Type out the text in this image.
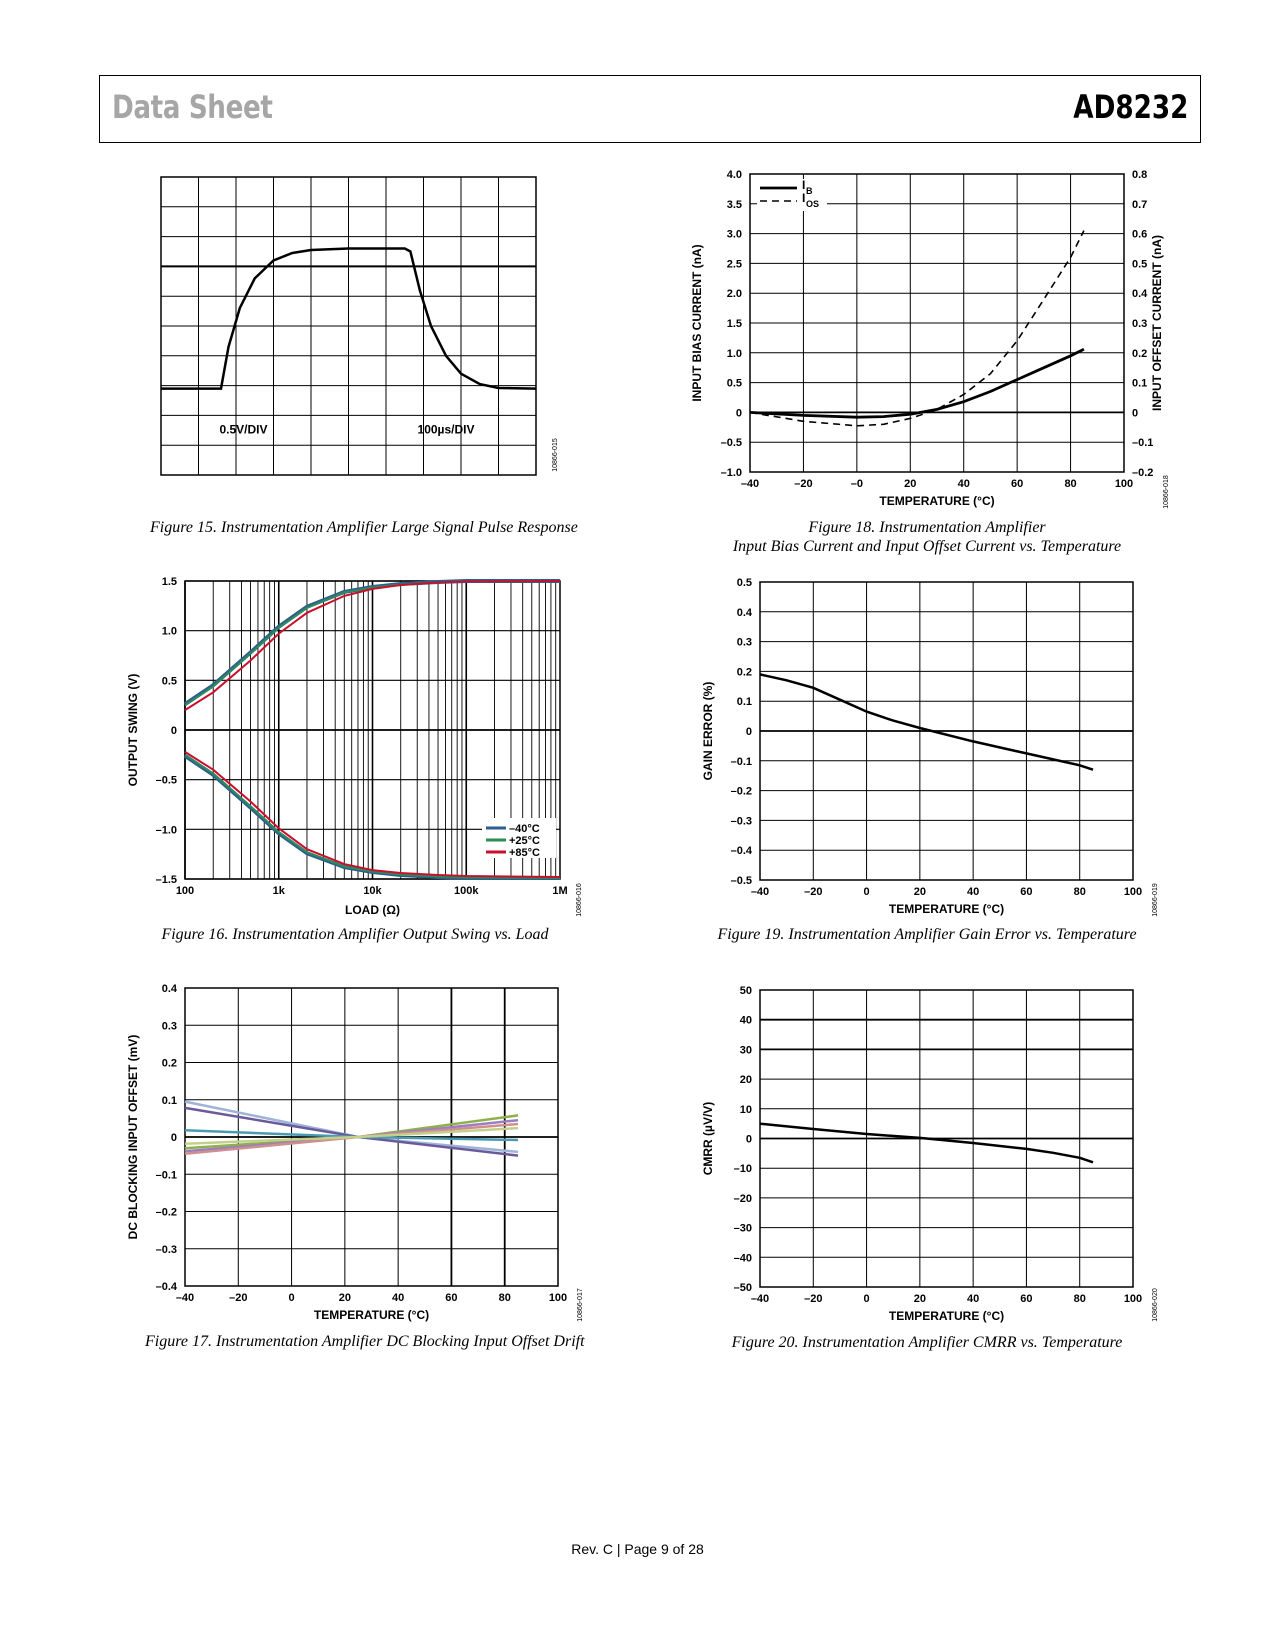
Data Sheet	AD8232
0.5V/DIV	100µs/DIV
10866-015
100	1k	10k	100k	1M
–1.5
–1.0
–0.5
0
0.5
1.0
1.5
LOAD (Ω)
OUTPUT SWING (V)
–40°C
+25°C
+85°C
10866-016
–40	–20	0	20	40	60	80	100
–0.4
–0.3
–0.2
–0.1
0
0.1
0.2
0.3
0.4
TEMPERATURE (°C)
DC BLOCKING INPUT OFFSET (mV)
10866-017
–40	–20	–0	20	40	60	80	100
–1.0
–0.5
0
0.5
1.0
1.5
2.0
2.5
3.0
3.5
4.0
–0.2
–0.1
0
0.1
0.2
0.3
0.4
0.5
0.6
0.7
0.8
TEMPERATURE (°C)
INPUT BIAS CURRENT (nA)	INPUT OFFSET CURRENT (nA)
I B
I OS
10866-018
–40	–20	0	20	40	60	80	100
–0.5
–0.4
–0.3
–0.2
–0.1
0
0.1
0.2
0.3
0.4
0.5
TEMPERATURE (°C)
GAIN ERROR (%)
10866-019
–40	–20	0	20	40	60	80	100
–50
–40
–30
–20
–10
0
10
20
30
40
50
TEMPERATURE (°C)
CMRR (µV/V)
10866-020
Figure 15. Instrumentation Amplifier Large Signal Pulse Response
Figure 16. Instrumentation Amplifier Output Swing vs. Load
Figure 17. Instrumentation Amplifier DC Blocking Input Offset Drift
Figure 18. Instrumentation Amplifier
Input Bias Current and Input Offset Current vs. Temperature
Figure 19. Instrumentation Amplifier Gain Error vs. Temperature
Figure 20. Instrumentation Amplifier CMRR vs. Temperature
Rev. C | Page 9 of 28
